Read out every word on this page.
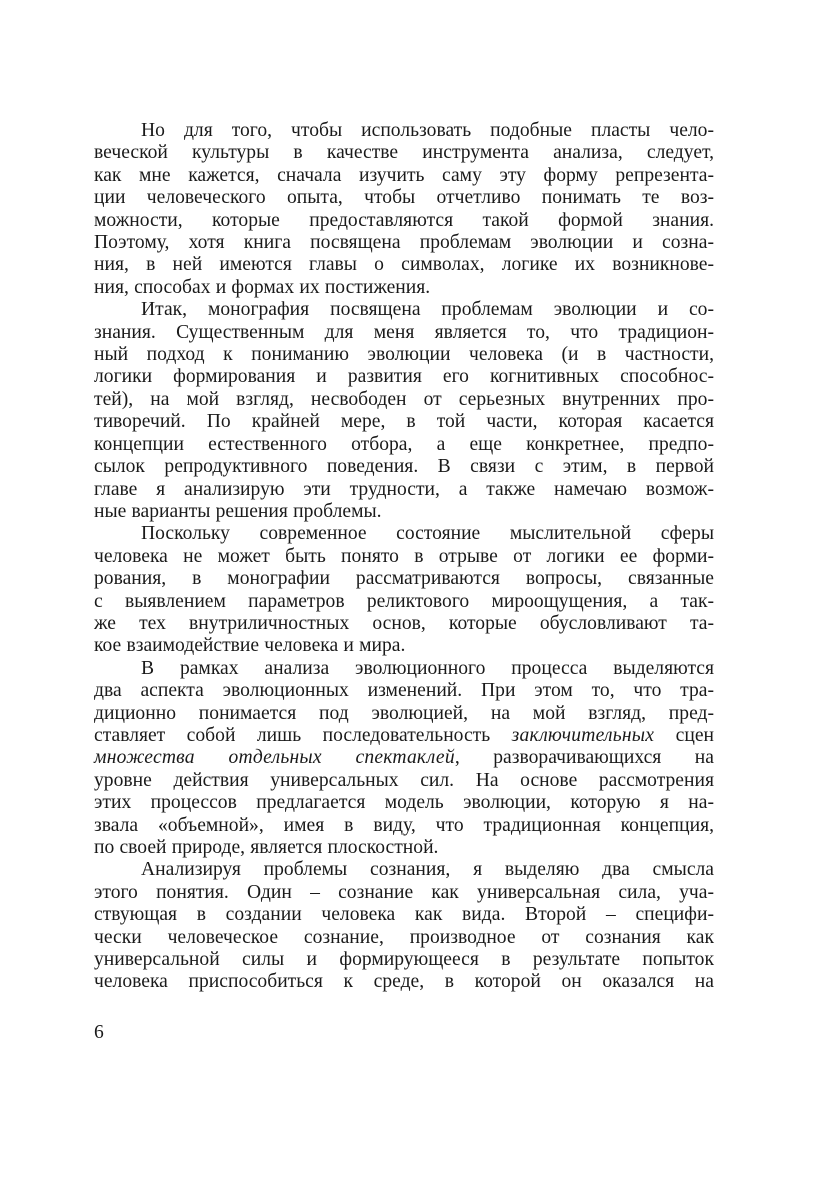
Но для того, чтобы использовать подобные пласты чело-
веческой культуры в качестве инструмента анализа, следует,
как мне кажется, сначала изучить саму эту форму репрезента-
ции человеческого опыта, чтобы отчетливо понимать те воз-
можности, которые предоставляются такой формой знания.
Поэтому, хотя книга посвящена проблемам эволюции и созна-
ния, в ней имеются главы о символах, логике их возникнове-
ния, способах и формах их постижения.

Итак, монография посвящена проблемам эволюции и со-
знания. Существенным для меня является то, что традицион-
ный подход к пониманию эволюции человека (и в частности,
логики формирования и развития его когнитивных способнос-
тей), на мой взгляд, несвободен от серьезных внутренних про-
тиворечий. По крайней мере, в той части, которая касается
концепции естественного отбора, а еще конкретнее, предпо-
сылок репродуктивного поведения. В связи с этим, в первой
главе я анализирую эти трудности, а также намечаю возмож-
ные варианты решения проблемы.

Поскольку современное состояние мыслительной сферы
человека не может быть понято в отрыве от логики ее форми-
рования, в монографии рассматриваются вопросы, связанные
с выявлением параметров реликтового мироощущения, а так-
же тех внутриличностных основ, которые обусловливают та-
кое взаимодействие человека и мира.

В рамках анализа эволюционного процесса выделяются
два аспекта эволюционных изменений. При этом то, что тра-
диционно понимается под эволюцией, на мой взгляд, пред-
ставляет собой лишь последовательность заключительных сцен
множества отдельных спектаклей, разворачивающихся на
уровне действия универсальных сил. На основе рассмотрения
этих процессов предлагается модель эволюции, которую я на-
звала «объемной», имея в виду, что традиционная концепция,
по своей природе, является плоскостной.

Анализируя проблемы сознания, я выделяю два смысла
этого понятия. Один – сознание как универсальная сила, уча-
ствующая в создании человека как вида. Второй – специфи-
чески человеческое сознание, производное от сознания как
универсальной силы и формирующееся в результате попыток
человека приспособиться к среде, в которой он оказался на

6
